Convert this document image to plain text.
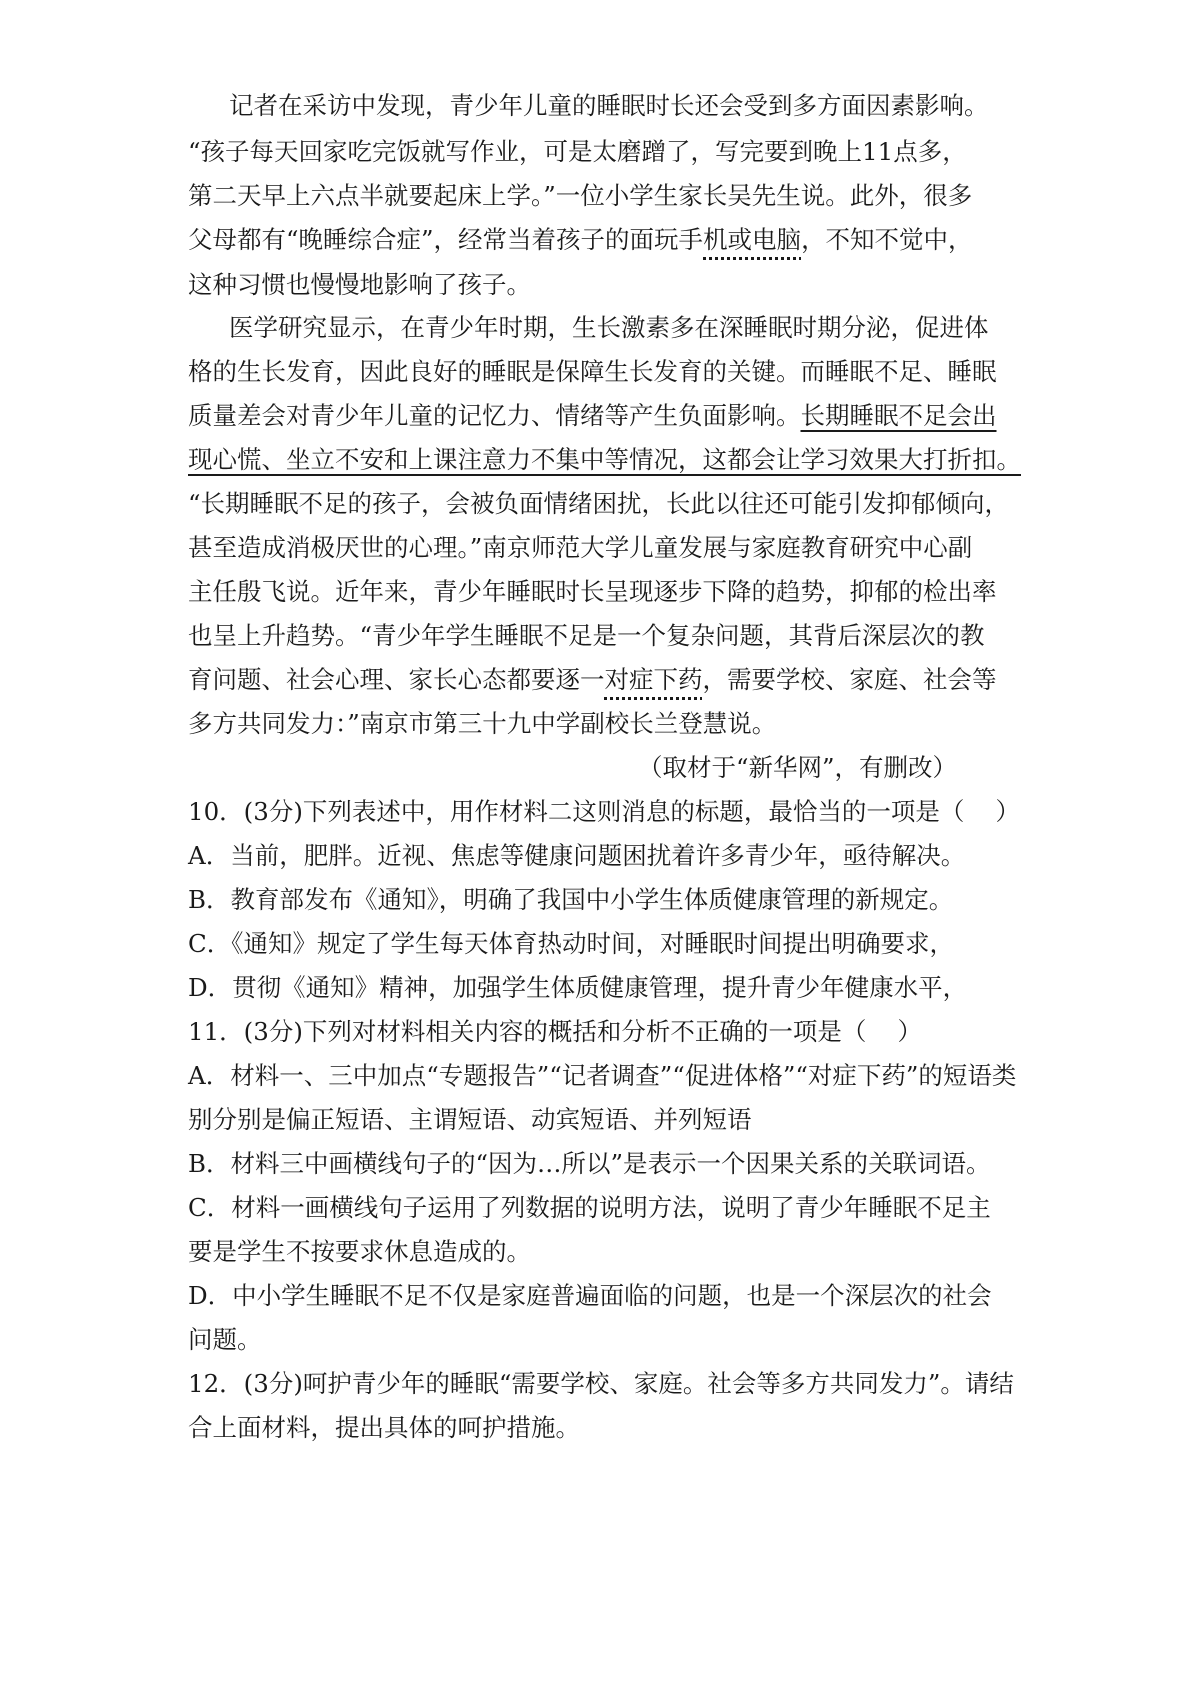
记者在采访中发现，青少年儿童的睡眠时长还会受到多方面因素影响。
“孩子每天回家吃完饭就写作业，可是太磨蹭了，写完要到晚上11点多，
第二天早上六点半就要起床上学。”一位小学生家长吴先生说。此外，很多
父母都有“晚睡综合症”，经常当着孩子的面玩手机或电脑，不知不觉中，
这种习惯也慢慢地影响了孩子。
医学研究显示，在青少年时期，生长激素多在深睡眠时期分泌，促进体
格的生长发育，因此良好的睡眠是保障生长发育的关键。而睡眠不足、睡眠
质量差会对青少年儿童的记忆力、情绪等产生负面影响。长期睡眠不足会出
现心慌、坐立不安和上课注意力不集中等情况，这都会让学习效果大打折扣。
“长期睡眠不足的孩子，会被负面情绪困扰，长此以往还可能引发抑郁倾向，
甚至造成消极厌世的心理。”南京师范大学儿童发展与家庭教育研究中心副
主任殷飞说。近年来，青少年睡眠时长呈现逐步下降的趋势，抑郁的检出率
也呈上升趋势。“青少年学生睡眠不足是一个复杂问题，其背后深层次的教
育问题、社会心理、家长心态都要逐一对症下药，需要学校、家庭、社会等
多方共同发力：”南京市第三十九中学副校长兰登慧说。
（取材于“新华网”，有删改）
10．(3分)下列表述中，用作材料二这则消息的标题，最恰当的一项是（    ）
A．当前，肥胖。近视、焦虑等健康问题困扰着许多青少年，亟待解决。
B．教育部发布《通知》，明确了我国中小学生体质健康管理的新规定。
C．《通知》规定了学生每天体育热动时间，对睡眠时间提出明确要求，
D．贯彻《通知》精神，加强学生体质健康管理，提升青少年健康水平，
11．(3分)下列对材料相关内容的概括和分析不正确的一项是（    ）
A．材料一、三中加点“专题报告”“记者调查”“促进体格”“对症下药”的短语类
别分别是偏正短语、主谓短语、动宾短语、并列短语
B．材料三中画横线句子的“因为…所以”是表示一个因果关系的关联词语。
C．材料一画横线句子运用了列数据的说明方法，说明了青少年睡眠不足主
要是学生不按要求休息造成的。
D．中小学生睡眠不足不仅是家庭普遍面临的问题，也是一个深层次的社会
问题。
12．(3分)呵护青少年的睡眠“需要学校、家庭。社会等多方共同发力”。请结
合上面材料，提出具体的呵护措施。
